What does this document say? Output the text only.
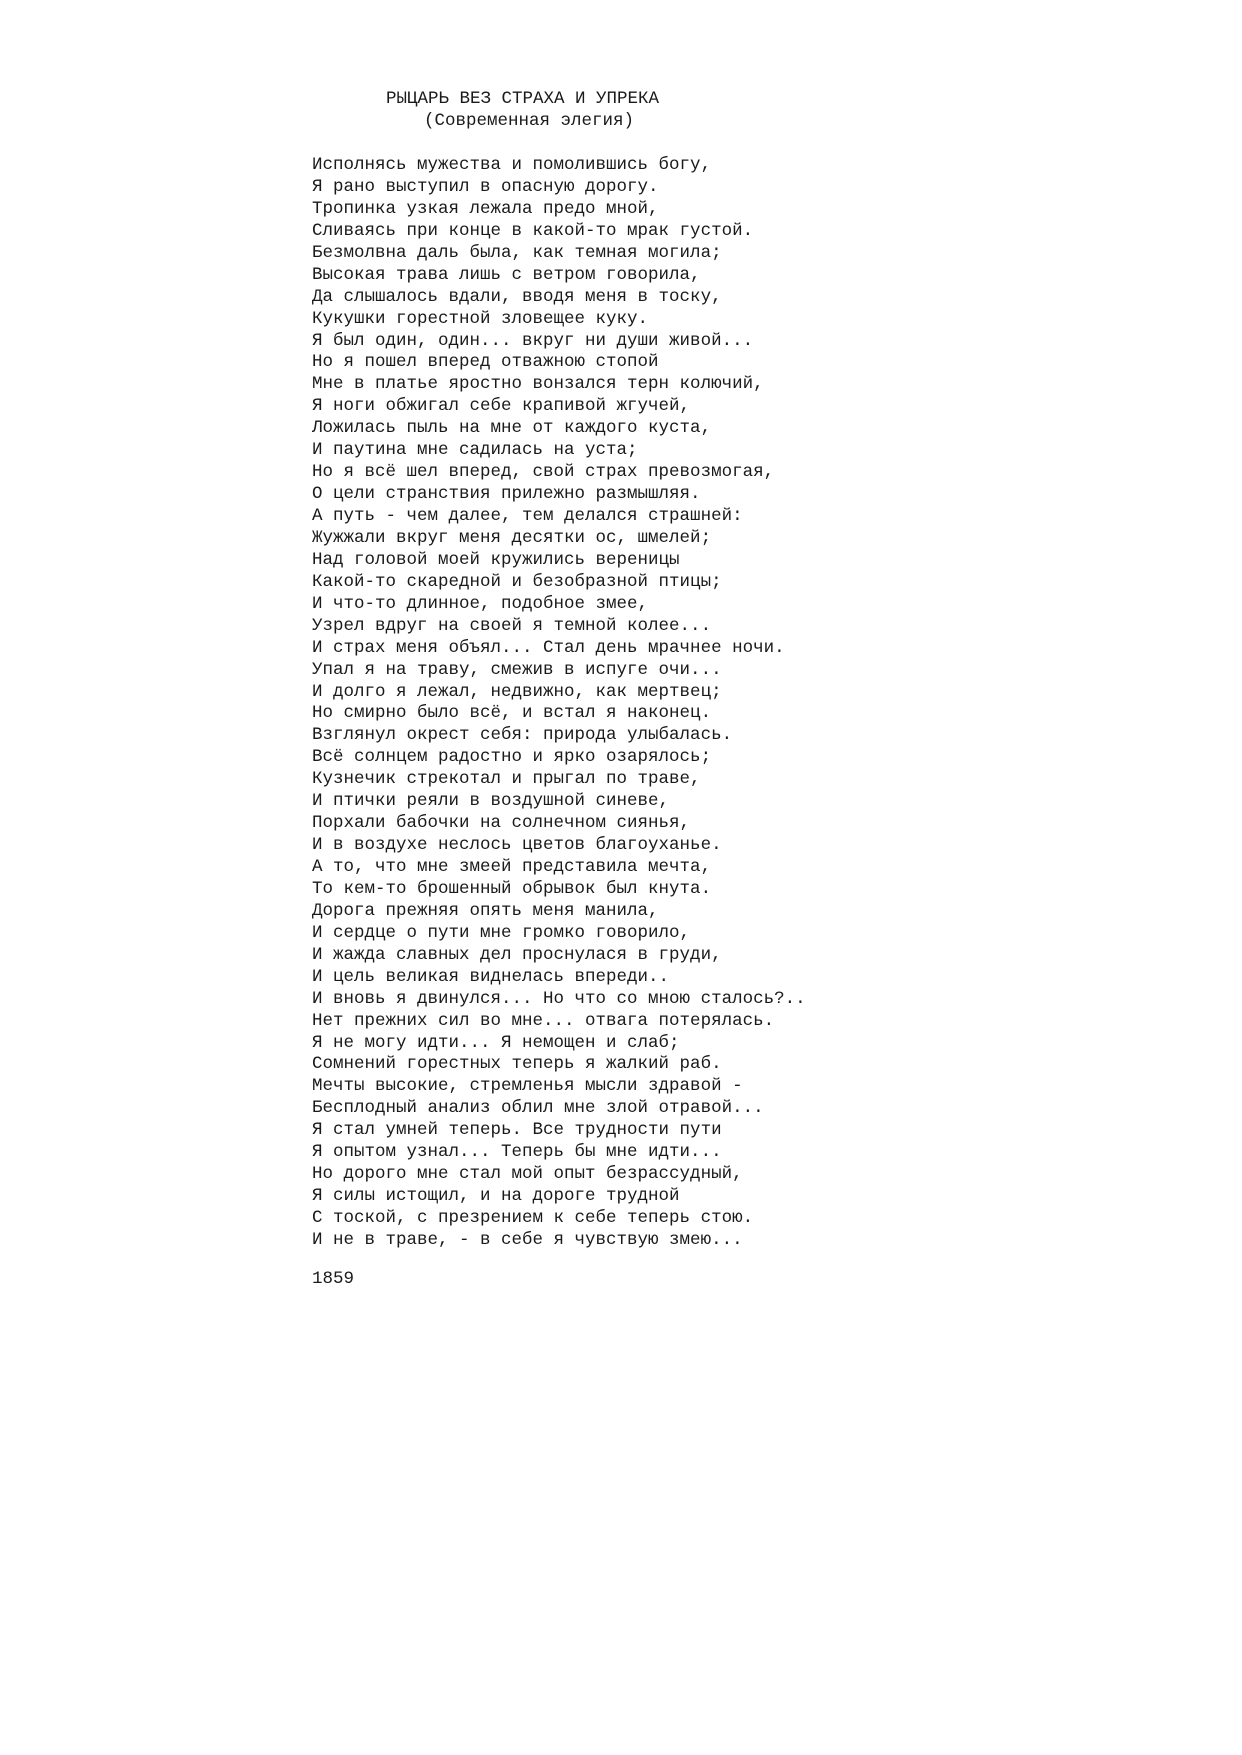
РЫЦАРЬ ВЕЗ СТРАХА И УПРЕКА

(Современная элегия)
Исполнясь мужества и помолившись богу,
Я рано выступил в опасную дорогу.
Тропинка узкая лежала предо мной,
Сливаясь при конце в какой-то мрак густой.
Безмолвна даль была, как темная могила;
Высокая трава лишь с ветром говорила,
Да слышалось вдали, вводя меня в тоску,
Кукушки горестной зловещее куку.
Я был один, один... вкруг ни души живой...
Но я пошел вперед отважною стопой
Мне в платье яростно вонзался терн колючий,
Я ноги обжигал себе крапивой жгучей,
Ложилась пыль на мне от каждого куста,
И паутина мне садилась на уста;
Но я всё шел вперед, свой страх превозмогая,
О цели странствия прилежно размышляя.
А путь - чем далее, тем делался страшней:
Жужжали вкруг меня десятки ос, шмелей;
Над головой моей кружились вереницы
Какой-то скаредной и безобразной птицы;
И что-то длинное, подобное змее,
Узрел вдруг на своей я темной колее...
И страх меня объял... Стал день мрачнее ночи.
Упал я на траву, смежив в испуге очи...
И долго я лежал, недвижно, как мертвец;
Но смирно было всё, и встал я наконец.
Взглянул окрест себя: природа улыбалась.
Всё солнцем радостно и ярко озарялось;
Кузнечик стрекотал и прыгал по траве,
И птички реяли в воздушной синеве,
Порхали бабочки на солнечном сиянья,
И в воздухе неслось цветов благоуханье.
А то, что мне змеей представила мечта,
То кем-то брошенный обрывок был кнута.
Дорога прежняя опять меня манила,
И сердце о пути мне громко говорило,
И жажда славных дел проснулася в груди,
И цель великая виднелась впереди..
И вновь я двинулся... Но что со мною сталось?..
Нет прежних сил во мне... отвага потерялась.
Я не могу идти... Я немощен и слаб;
Сомнений горестных теперь я жалкий раб.
Мечты высокие, стремленья мысли здравой -
Бесплодный анализ облил мне злой отравой...
Я стал умней теперь. Все трудности пути
Я опытом узнал... Теперь бы мне идти...
Но дорого мне стал мой опыт безрассудный,
Я силы истощил, и на дороге трудной
С тоской, с презрением к себе теперь стою.
И не в траве, - в себе я чувствую змею...
1859
